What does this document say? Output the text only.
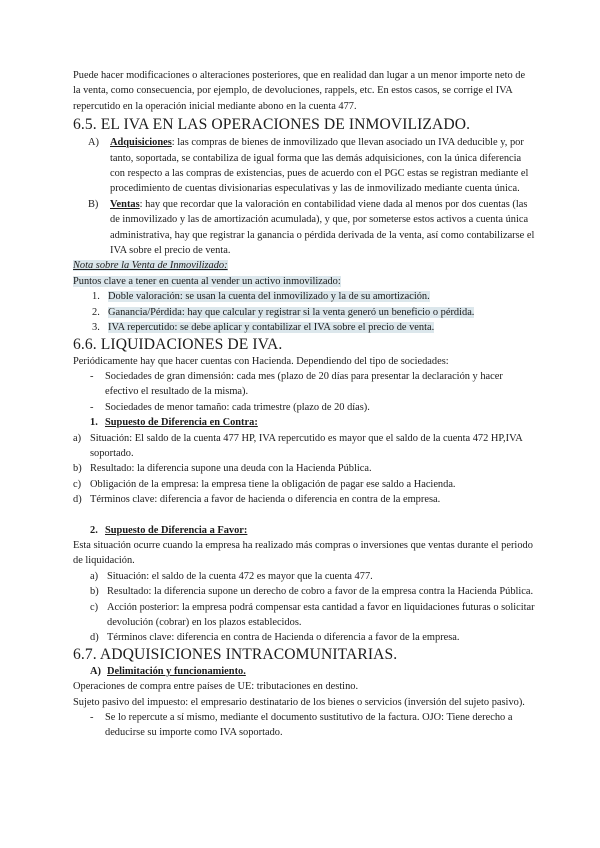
Puede hacer modificaciones o alteraciones posteriores, que en realidad dan lugar a un menor importe neto de la venta, como consecuencia, por ejemplo, de devoluciones, rappels, etc. En estos casos, se corrige el IVA repercutido en la operación inicial mediante abono en la cuenta 477.

6.5. EL IVA EN LAS OPERACIONES DE INMOVILIZADO.
A)	Adquisiciones: las compras de bienes de inmovilizado que llevan asociado un IVA deducible y, por tanto, soportada, se contabiliza de igual forma que las demás adquisiciones, con la única diferencia con respecto a las compras de existencias, pues de acuerdo con el PGC estas se registran mediante el procedimiento de cuentas divisionarias especulativas y las de inmovilizado mediante cuenta única.
B)	Ventas: hay que recordar que la valoración en contabilidad viene dada al menos por dos cuentas (las de inmovilizado y las de amortización acumulada), y que, por someterse estos activos a cuenta única administrativa, hay que registrar la ganancia o pérdida derivada de la venta, así como contabilizarse el IVA sobre el precio de venta.

Nota sobre la Venta de Inmovilizado:

Puntos clave a tener en cuenta al vender un activo inmovilizado:

1. Doble valoración: se usan la cuenta del inmovilizado y la de su amortización.
2. Ganancia/Pérdida: hay que calcular y registrar si la venta generó un beneficio o pérdida.
3. IVA repercutido: se debe aplicar y contabilizar el IVA sobre el precio de venta.
6.6. LIQUIDACIONES DE IVA.

Periódicamente hay que hacer cuentas con Hacienda. Dependiendo del tipo de sociedades:

-	Sociedades de gran dimensión: cada mes (plazo de 20 días para presentar la declaración y hacer efectivo el resultado de la misma).
-	Sociedades de menor tamaño: cada trimestre (plazo de 20 días).
1. Supuesto de Diferencia en Contra:
a) Situación: El saldo de la cuenta 477 HP, IVA repercutido es mayor que el saldo de la cuenta 472 HP,IVA soportado.
b) Resultado: la diferencia supone una deuda con la Hacienda Pública.
c) Obligación de la empresa: la empresa tiene la obligación de pagar ese saldo a Hacienda.
d) Términos clave: diferencia a favor de hacienda o diferencia en contra de la empresa.
2. Supuesto de Diferencia a Favor:

Esta situación ocurre cuando la empresa ha realizado más compras o inversiones que ventas durante el periodo de liquidación.

a) Situación: el saldo de la cuenta 472 es mayor que la cuenta 477.
b) Resultado: la diferencia supone un derecho de cobro a favor de la empresa contra la Hacienda Pública.
c) Acción posterior: la empresa podrá compensar esta cantidad a favor en liquidaciones futuras o solicitar devolución (cobrar) en los plazos establecidos.
d) Términos clave: diferencia en contra de Hacienda o diferencia a favor de la empresa.
6.7. ADQUISICIONES INTRACOMUNITARIAS.
A) Delimitación y funcionamiento.

Operaciones de compra entre países de UE: tributaciones en destino.

Sujeto pasivo del impuesto: el empresario destinatario de los bienes o servicios (inversión del sujeto pasivo).

-	Se lo repercute a sí mismo, mediante el documento sustitutivo de la factura. OJO: Tiene derecho a deducirse su importe como IVA soportado.
